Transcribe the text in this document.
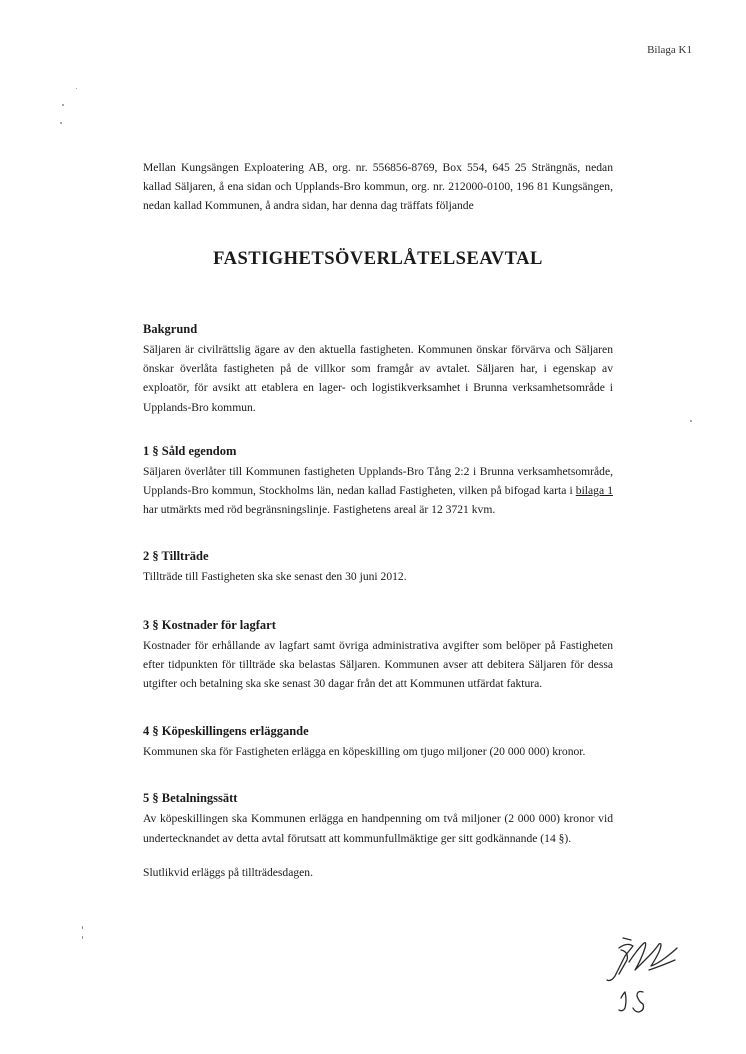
Bilaga K1

Mellan Kungsängen Exploatering AB, org. nr. 556856-8769, Box 554, 645 25 Strängnäs, nedan kallad Säljaren, å ena sidan och Upplands-Bro kommun, org. nr. 212000-0100, 196 81 Kungsängen, nedan kallad Kommunen, å andra sidan, har denna dag träffats följande

FASTIGHETSÖVERLÅTELSEAVTAL
Bakgrund

Säljaren är civilrättslig ägare av den aktuella fastigheten. Kommunen önskar förvärva och Säljaren önskar överlåta fastigheten på de villkor som framgår av avtalet. Säljaren har, i egenskap av exploatör, för avsikt att etablera en lager- och logistikverksamhet i Brunna verksamhetsområde i Upplands-Bro kommun.

1 § Såld egendom

Säljaren överlåter till Kommunen fastigheten Upplands-Bro Tång 2:2 i Brunna verksamhetsområde, Upplands-Bro kommun, Stockholms län, nedan kallad Fastigheten, vilken på bifogad karta i bilaga 1 har utmärkts med röd begränsningslinje. Fastighetens areal är 12 3721 kvm.

2 § Tillträde

Tillträde till Fastigheten ska ske senast den 30 juni 2012.

3 § Kostnader för lagfart

Kostnader för erhållande av lagfart samt övriga administrativa avgifter som belöper på Fastigheten efter tidpunkten för tillträde ska belastas Säljaren. Kommunen avser att debitera Säljaren för dessa utgifter och betalning ska ske senast 30 dagar från det att Kommunen utfärdat faktura.

4 § Köpeskillingens erläggande

Kommunen ska för Fastigheten erlägga en köpeskilling om tjugo miljoner (20 000 000) kronor.

5 § Betalningssätt

Av köpeskillingen ska Kommunen erlägga en handpenning om två miljoner (2 000 000) kronor vid undertecknandet av detta avtal förutsatt att kommunfullmäktige ger sitt godkännande (14 §).

Slutlikvid erläggs på tillträdesdagen.
